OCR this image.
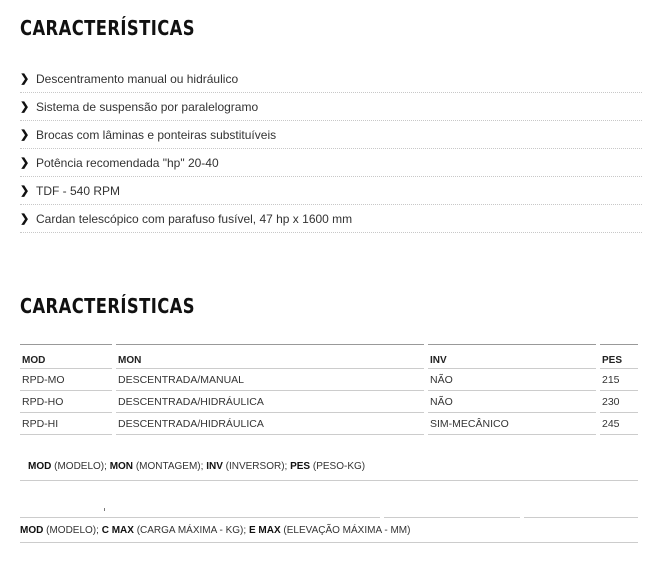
CARACTERÍSTICAS
❯ Descentramento manual ou hidráulico
❯ Sistema de suspensão por paralelogramo
❯ Brocas com lâminas e ponteiras substituíveis
❯ Potência recomendada "hp" 20-40
❯ TDF - 540 RPM
❯ Cardan telescópico com parafuso fusível, 47 hp x 1600 mm
CARACTERÍSTICAS
MOD		MON		INV		PES
RPD-MO		DESCENTRADA/MANUAL		NÃO		215
RPD-HO		DESCENTRADA/HIDRÁULICA		NÃO		230
RPD-HI		DESCENTRADA/HIDRÁULICA		SIM-MECÂNICO		245
MOD (MODELO); MON (MONTAGEM); INV (INVERSOR); PES (PESO-KG)
MOD (MODELO); C MAX (CARGA MÁXIMA - KG); E MAX (ELEVAÇÃO MÁXIMA - MM)
